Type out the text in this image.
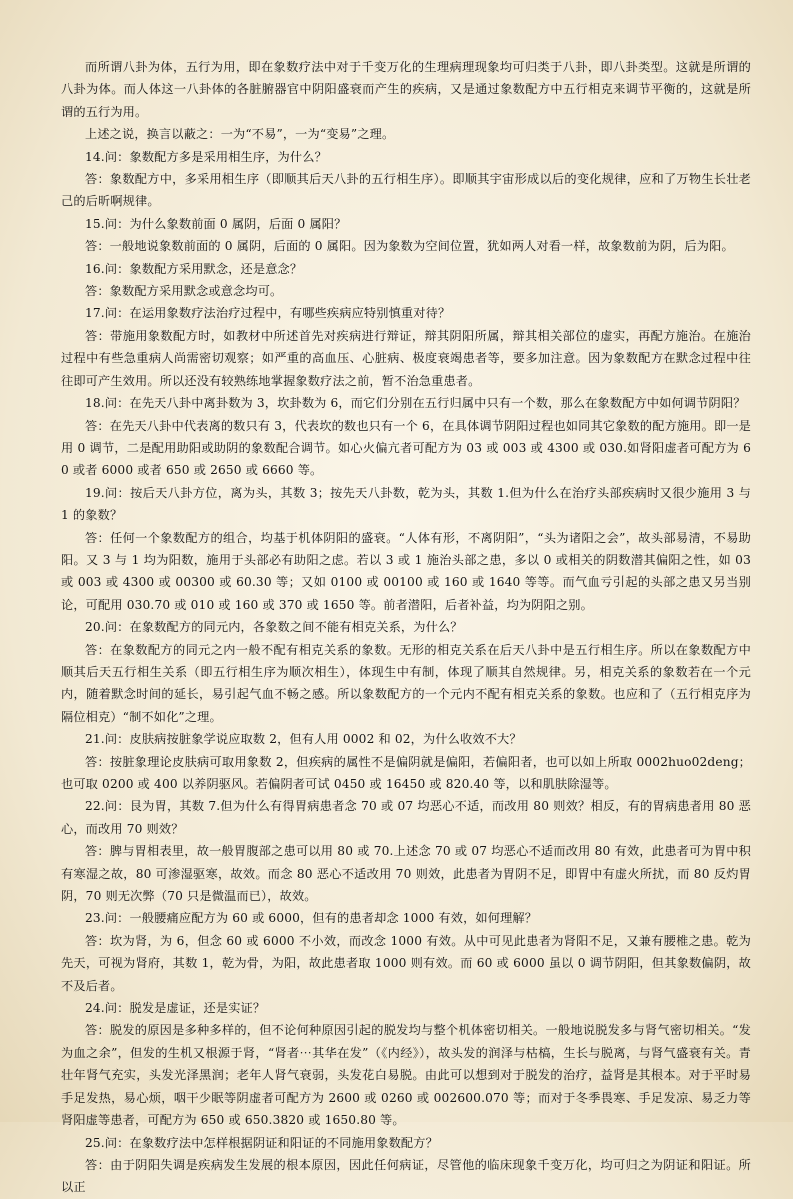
而所谓八卦为体，五行为用，即在象数疗法中对于千变万化的生理病理现象均可归类于八卦，即八卦类型。这就是所谓的八卦为体。而人体这一八卦体的各脏腑器官中阴阳盛衰而产生的疾病，又是通过象数配方中五行相克来调节平衡的，这就是所谓的五行为用。

上述之说，换言以蔽之：一为“不易”，一为“变易”之理。

14.问：象数配方多是采用相生序，为什么？

答：象数配方中，多采用相生序（即顺其后天八卦的五行相生序）。即顺其宇宙形成以后的变化规律，应和了万物生长壮老己的后昕啊规律。

15.问：为什么象数前面 0 属阴，后面 0 属阳？

答：一般地说象数前面的 0 属阴，后面的 0 属阳。因为象数为空间位置，犹如两人对看一样，故象数前为阴，后为阳。

16.问：象数配方采用默念，还是意念？

答：象数配方采用默念或意念均可。

17.问：在运用象数疗法治疗过程中，有哪些疾病应特别慎重对待？

答：带施用象数配方时，如教材中所述首先对疾病进行辩证，辩其阴阳所属，辩其相关部位的虚实，再配方施治。在施治过程中有些急重病人尚需密切观察；如严重的高血压、心脏病、极度衰竭患者等，要多加注意。因为象数配方在默念过程中往往即可产生效用。所以还没有较熟练地掌握象数疗法之前，暂不治急重患者。

18.问：在先天八卦中离卦数为 3，坎卦数为 6，而它们分别在五行归属中只有一个数，那么在象数配方中如何调节阴阳？

答：在先天八卦中代表离的数只有 3，代表坎的数也只有一个 6，在具体调节阴阳过程也如同其它象数的配方施用。即一是用 0 调节，二是配用助阳或助阴的象数配合调节。如心火偏亢者可配方为 03 或 003 或 4300 或 030.如肾阳虚者可配方为 60 或者 6000 或者 650 或 2650 或 6660 等。

19.问：按后天八卦方位，离为头，其数 3；按先天八卦数，乾为头，其数 1.但为什么在治疗头部疾病时又很少施用 3 与 1 的象数？

答：任何一个象数配方的组合，均基于机体阴阳的盛衰。“人体有形，不离阴阳”，“头为诸阳之会”，故头部易清，不易助阳。又 3 与 1 均为阳数，施用于头部必有助阳之虑。若以 3 或 1 施治头部之患，多以 0 或相关的阴数潜其偏阳之性，如 03 或 003 或 4300 或 00300 或 60.30 等；又如 0100 或 00100 或 160 或 1640 等等。而气血亏引起的头部之患又另当别论，可配用 030.70 或 010 或 160 或 370 或 1650 等。前者潜阳，后者补益，均为阴阳之别。

20.问：在象数配方的同元内，各象数之间不能有相克关系，为什么？

答：在象数配方的同元之内一般不配有相克关系的象数。无形的相克关系在后天八卦中是五行相生序。所以在象数配方中顺其后天五行相生关系（即五行相生序为顺次相生），体现生中有制，体现了顺其自然规律。另，相克关系的象数若在一个元内，随着默念时间的延长，易引起气血不畅之感。所以象数配方的一个元内不配有相克关系的象数。也应和了（五行相克序为隔位相克）“制不如化”之理。

21.问：皮肤病按脏象学说应取数 2，但有人用 0002 和 02，为什么收效不大？

答：按脏象理论皮肤病可取用象数 2，但疾病的属性不是偏阴就是偏阳，若偏阳者，也可以如上所取 0002huo02deng；也可取 0200 或 400 以养阴驱风。若偏阴者可试 0450 或 16450 或 820.40 等，以和肌肤除湿等。

22.问：艮为胃，其数 7.但为什么有得胃病患者念 70 或 07 均恶心不适，而改用 80 则效？相反，有的胃病患者用 80 恶心，而改用 70 则效？

答：脾与胃相表里，故一般胃腹部之患可以用 80 或 70.上述念 70 或 07 均恶心不适而改用 80 有效，此患者可为胃中积有寒湿之故，80 可渗湿驱寒，故效。而念 80 恶心不适改用 70 则效，此患者为胃阴不足，即胃中有虚火所扰，而 80 反灼胃阴，70 则无次弊（70 只是微温而已），故效。

23.问：一般腰痛应配方为 60 或 6000，但有的患者却念 1000 有效，如何理解？

答：坎为肾，为 6，但念 60 或 6000 不小效，而改念 1000 有效。从中可见此患者为肾阳不足，又兼有腰椎之患。乾为先天，可视为肾府，其数 1，乾为骨，为阳，故此患者取 1000 则有效。而 60 或 6000 虽以 0 调节阴阳，但其象数偏阴，故不及后者。

24.问：脱发是虚证，还是实证？

答：脱发的原因是多种多样的，但不论何种原因引起的脱发均与整个机体密切相关。一般地说脱发多与肾气密切相关。“发为血之余”，但发的生机又根源于肾，“肾者⋯其华在发”（《内经》），故头发的润泽与枯槁，生长与脱离，与肾气盛衰有关。青壮年肾气充实，头发光泽黑润；老年人肾气衰弱，头发花白易脱。由此可以想到对于脱发的治疗，益肾是其根本。对于平时易手足发热，易心烦，咽干少眠等阴虚者可配方为 2600 或 0260 或 002600.070 等；而对于冬季畏寒、手足发凉、易乏力等肾阳虚等患者，可配方为 650 或 650.3820 或 1650.80 等。

25.问：在象数疗法中怎样根据阴证和阳证的不同施用象数配方？

答：由于阴阳失调是疾病发生发展的根本原因，因此任何病证，尽管他的临床现象千变万化，均可归之为阴证和阳证。所以正
